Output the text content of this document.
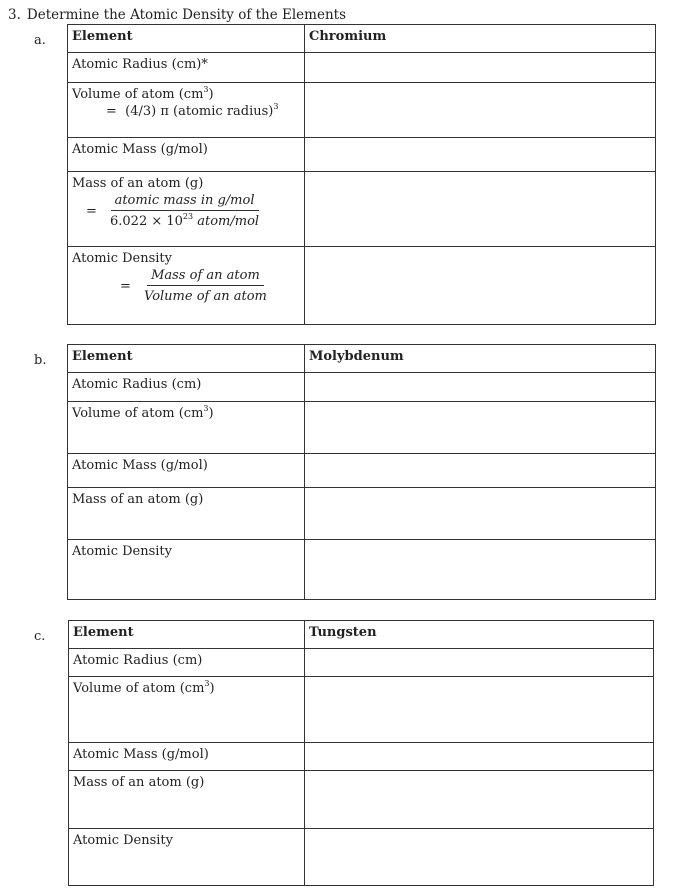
3. Determine the Atomic Density of the Elements
a. Element	Chromium
Atomic Radius (cm)*	

Volume of atom $(cm^3)$
= (4/3) π (atomic radius)$^3$

Atomic Mass (g/mol)	

Mass of an atom (g)
= $\frac{\text{atomic mass in g/mol}}{6.022 \times 10^{23} atom/mol}$

Atomic Density
= $\frac{\text{Mass of an atom}}{\text{Volume of an atom}}$

b. Element	Molybdenum
Atomic Radius (cm)	
Volume of atom $(cm^3)$	
Atomic Mass (g/mol)	
Mass of an atom (g)	
Atomic Density	
c. Element	Tungsten
Atomic Radius (cm)	
Volume of atom $(cm^3)$	
Atomic Mass (g/mol)	
Mass of an atom (g)	
Atomic Density	
